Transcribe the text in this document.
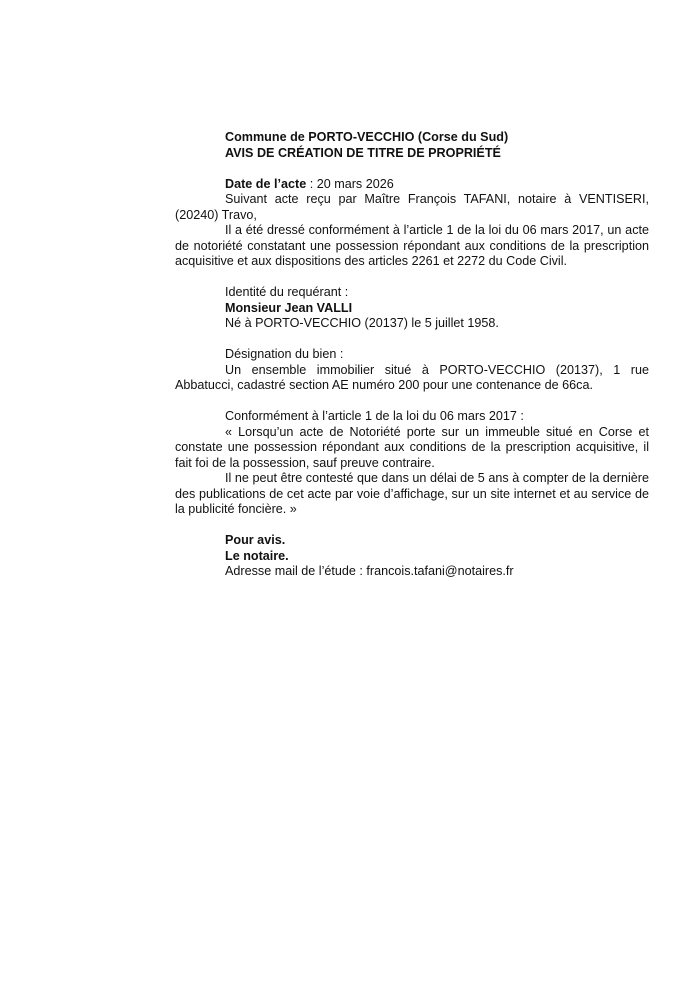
Commune de PORTO-VECCHIO (Corse du Sud)

AVIS DE CRÉATION DE TITRE DE PROPRIÉTÉ

Date de l’acte : 20 mars 2026

Suivant acte reçu par Maître François TAFANI, notaire à VENTISERI, (20240) Travo,

Il a été dressé conformément à l’article 1 de la loi du 06 mars 2017, un acte de notoriété constatant une possession répondant aux conditions de la prescription acquisitive et aux dispositions des articles 2261 et 2272 du Code Civil.

Identité du requérant :

Monsieur Jean VALLI

Né à PORTO-VECCHIO (20137) le 5 juillet 1958.

Désignation du bien :

Un ensemble immobilier situé à PORTO-VECCHIO (20137), 1 rue Abbatucci, cadastré section AE numéro 200 pour une contenance de 66ca.

Conformément à l’article 1 de la loi du 06 mars 2017 :

« Lorsqu’un acte de Notoriété porte sur un immeuble situé en Corse et constate une possession répondant aux conditions de la prescription acquisitive, il fait foi de la possession, sauf preuve contraire.

Il ne peut être contesté que dans un délai de 5 ans à compter de la dernière des publications de cet acte par voie d’affichage, sur un site internet et au service de la publicité foncière. »

Pour avis.

Le notaire.

Adresse mail de l’étude : francois.tafani@notaires.fr
